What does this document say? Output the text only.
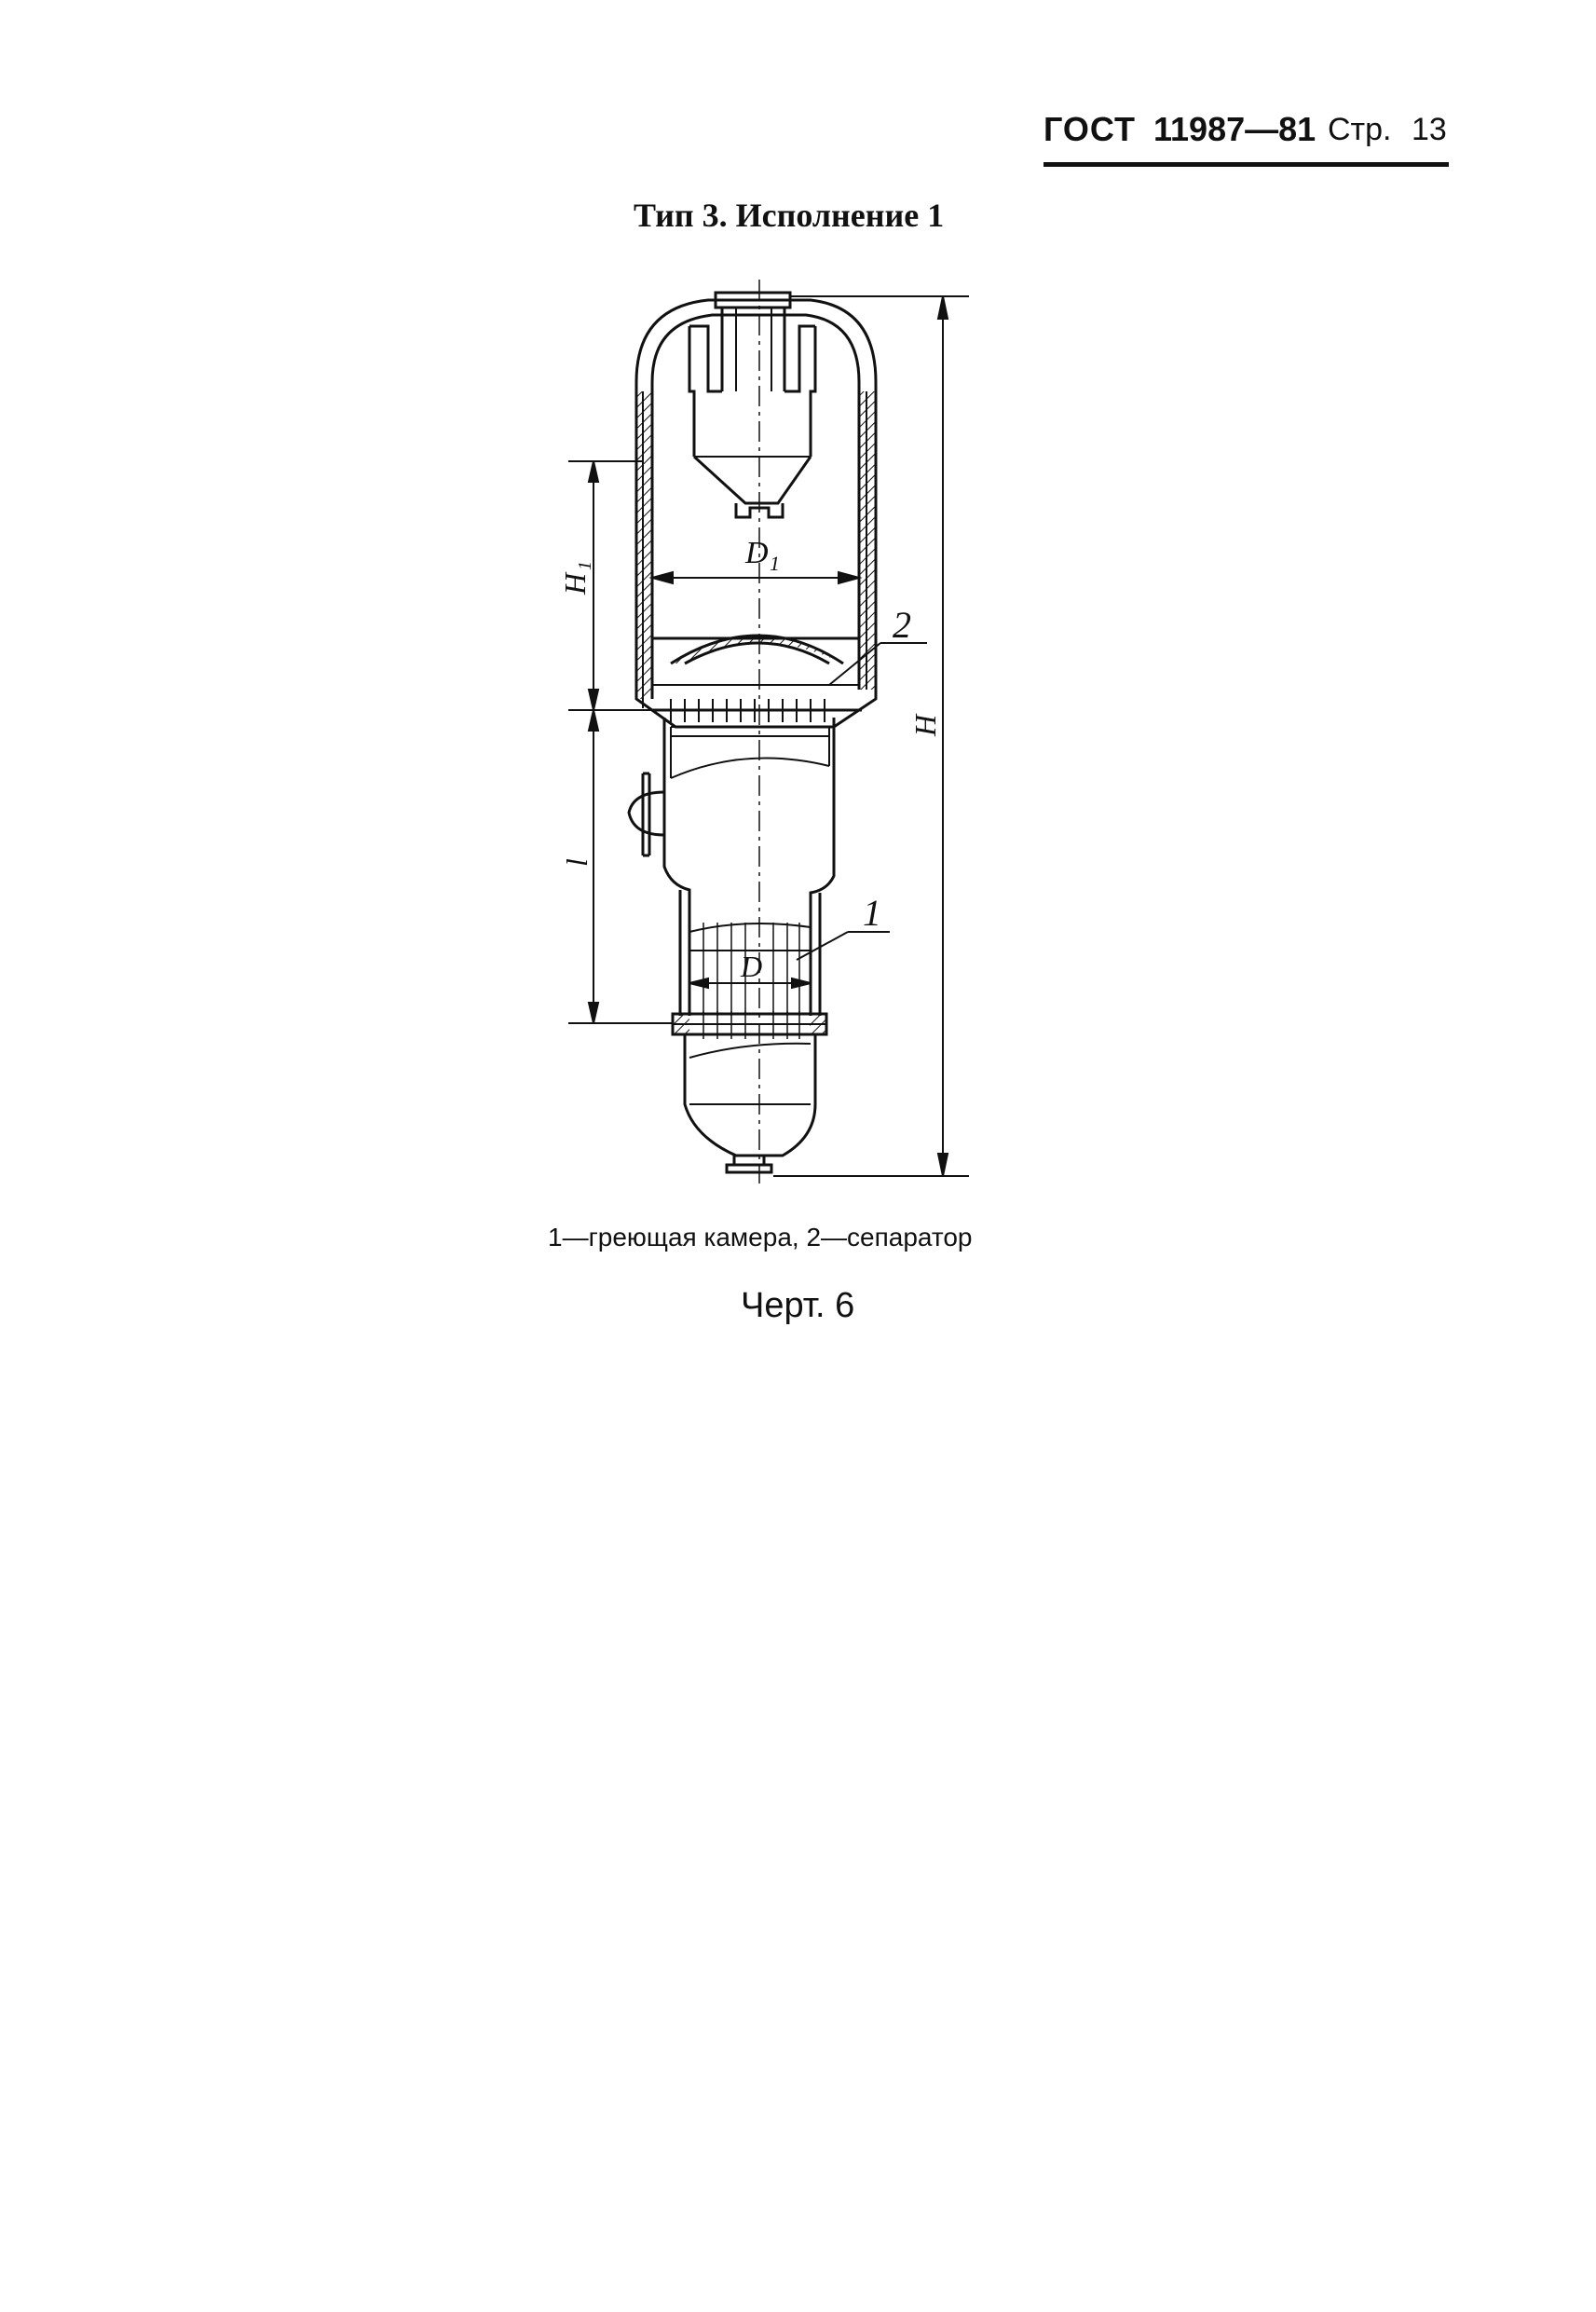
ГОСТ 11987—81 Стр. 13
Тип 3. Исполнение 1
D 1
2
D
1
H
1
l
H
1—греющая камера, 2—сепаратор
Черт. 6
